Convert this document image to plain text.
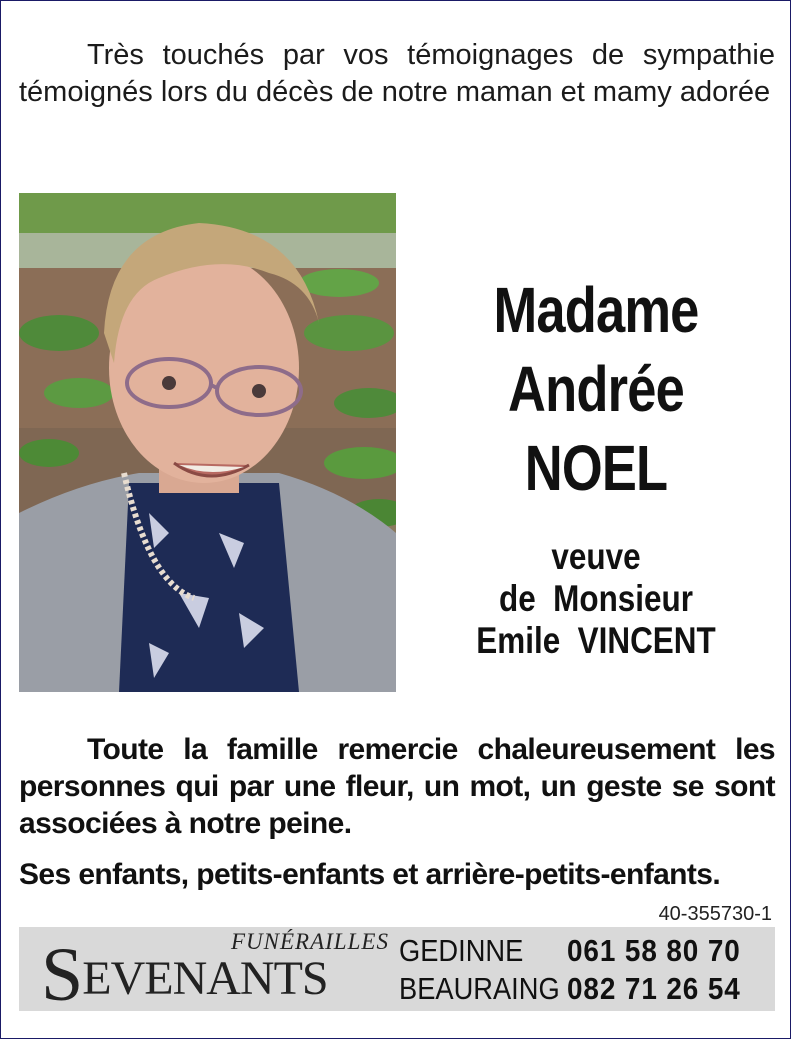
Très touchés par vos témoignages de sympathie témoignés lors du décès de notre maman et mamy adorée

Madame
Andrée
NOEL
veuve
de  Monsieur
Emile  VINCENT

Toute la famille remercie chaleureusement les personnes qui par une fleur, un mot, un geste se sont associées à notre peine.

Ses enfants, petits-enfants et arrière-petits-enfants.
40-355730-1
FUNÉRAILLES
SEVENANTS
GEDINNE 061 58 80 70
BEAURAING 082 71 26 54
